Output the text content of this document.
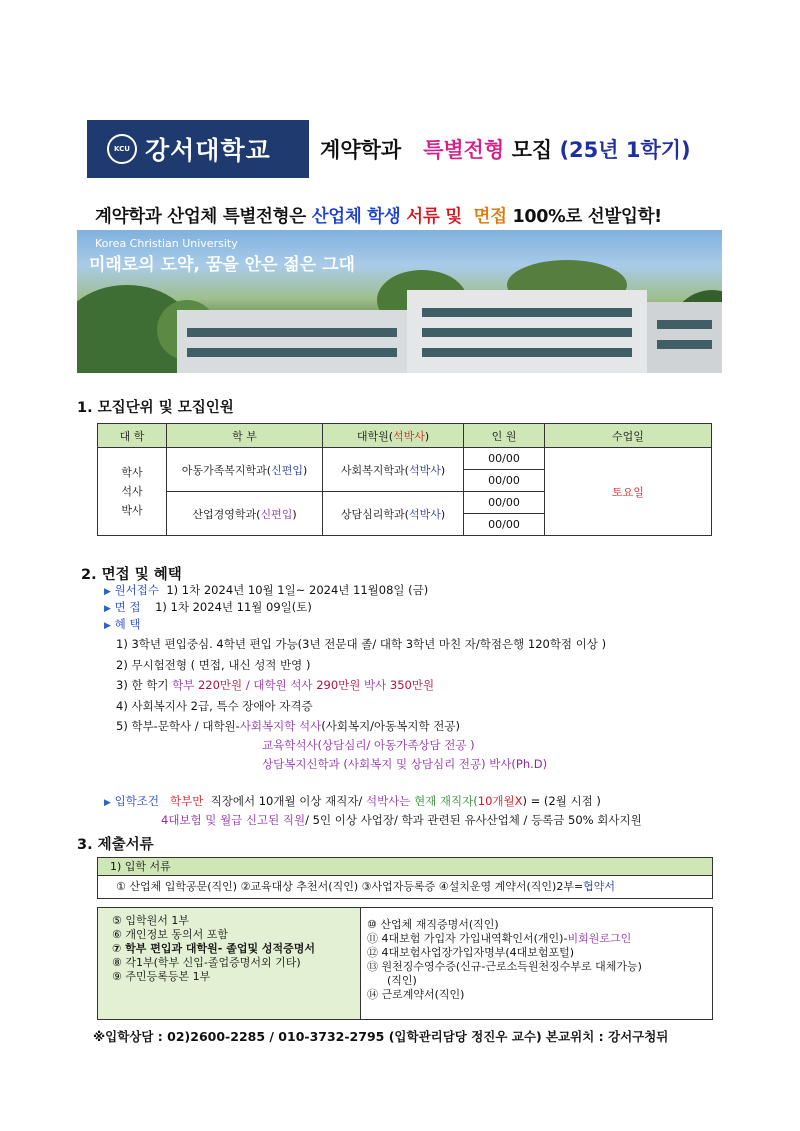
KCU 강서대학교 계약학과 특별전형 모집 (25년 1학기)
계약학과 산업체 특별전형은 산업체 학생 서류 및 면접 100%로 선발입학!
Korea Christian University
미래로의 도약, 꿈을 안은 젊은 그대
1. 모집단위 및 모집인원
대 학	학 부	대학원(석박사)	인 원	수업일

학사
석사
박사	아동가족복지학과(신편입)	사회복지학과(석박사)	00/00	토요일
			00/00	
	산업경영학과(신편입)	상담심리학과(석박사)	00/00	
			00/00	
2. 면접 및 혜택
▶ 원서접수 1) 1차 2024년 10월 1일~ 2024년 11월08일 (금)
▶ 면 접 1) 1차 2024년 11월 09일(토)
▶ 혜 택
1) 3학년 편입중심. 4학년 편입 가능(3년 전문대 졸/ 대학 3학년 마친 자/학점은행 120학점 이상 )
2) 무시험전형 ( 면접, 내신 성적 반영 )
3) 한 학기 학부 220만원 / 대학원 석사 290만원 박사 350만원
4) 사회복지사 2급, 특수 장애아 자격증
5) 학부-문학사 / 대학원-사회복지학 석사(사회복지/아동복지학 전공)
교육학석사(상담심리/ 아동가족상담 전공 )
상담복지신학과 (사회복지 및 상담심리 전공) 박사(Ph.D)
▶ 입학조건 학부만 직장에서 10개월 이상 재직자/ 석박사는 현재 재직자(10개월X) = (2월 시점 )
4대보험 및 월급 신고된 직원/ 5인 이상 사업장/ 학과 관련된 유사산업체 / 등록금 50% 회사지원
3. 제출서류
1) 입학 서류
① 산업체 입학공문(직인) ②교육대상 추천서(직인) ③사업자등록증 ④설치운영 계약서(직인)2부=협약서
⑤ 입학원서 1부
⑥ 개인정보 동의서 포함
⑦ 학부 편입과 대학원- 졸업및 성적증명서
⑧ 각1부(학부 신입-졸업증명서외 기타)
⑨ 주민등록등본 1부
⑩ 산업체 재직증명서(직인)
⑪ 4대보험 가입자 가입내역확인서(개인)-비회원로그인
⑫ 4대보험사업장가입자명부(4대보험포털)
⑬ 원천징수영수증(신규-근로소득원천징수부로 대체가능)
(직인)
⑭ 근로계약서(직인)
※입학상담 : 02)2600-2285 / 010-3732-2795 (입학관리담당 정진우 교수) 본교위치 : 강서구청뒤
